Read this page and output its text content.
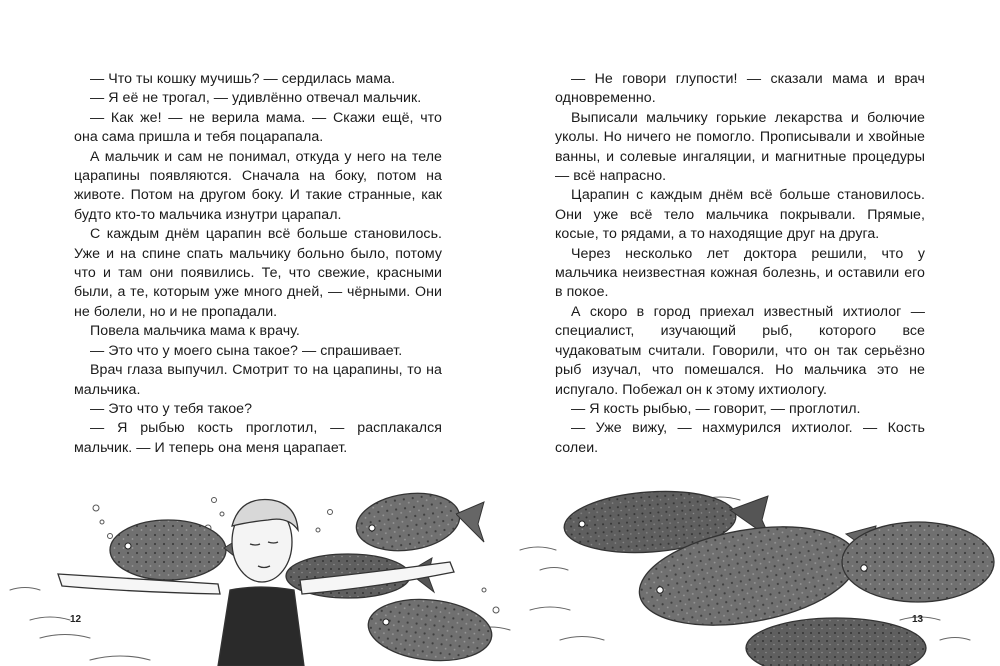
— Что ты кошку мучишь? — сердилась мама.

— Я её не трогал, — удивлённо отвечал мальчик.

— Как же! — не верила мама. — Скажи ещё, что она сама пришла и тебя поцарапала.

А мальчик и сам не понимал, откуда у него на теле царапины появляются. Сначала на боку, потом на животе. Потом на другом боку. И такие странные, как будто кто-то мальчика изнутри царапал.

С каждым днём царапин всё больше становилось. Уже и на спине спать мальчику больно было, потому что и там они появились. Те, что свежие, красными были, а те, которым уже много дней, — чёрными. Они не болели, но и не пропадали.

Повела мальчика мама к врачу.

— Это что у моего сына такое? — спрашивает.

Врач глаза выпучил. Смотрит то на царапины, то на мальчика.

— Это что у тебя такое?

— Я рыбью кость проглотил, — расплакался мальчик. — И теперь она меня царапает.

— Не говори глупости! — сказали мама и врач одновременно.

Выписали мальчику горькие лекарства и болючие уколы. Но ничего не помогло. Прописывали и хвойные ванны, и солевые ингаляции, и магнитные процедуры — всё напрасно.

Царапин с каждым днём всё больше становилось. Они уже всё тело мальчика покрывали. Прямые, косые, то рядами, а то находящие друг на друга.

Через несколько лет доктора решили, что у мальчика неизвестная кожная болезнь, и оставили его в покое.

А скоро в город приехал известный ихтиолог — специалист, изучающий рыб, которого все чудаковатым считали. Говорили, что он так серьёзно рыб изучал, что помешался. Но мальчика это не испугало. Побежал он к этому ихтиологу.

— Я кость рыбью, — говорит, — проглотил.

— Уже вижу, — нахмурился ихтиолог. — Кость солеи.

12	13
